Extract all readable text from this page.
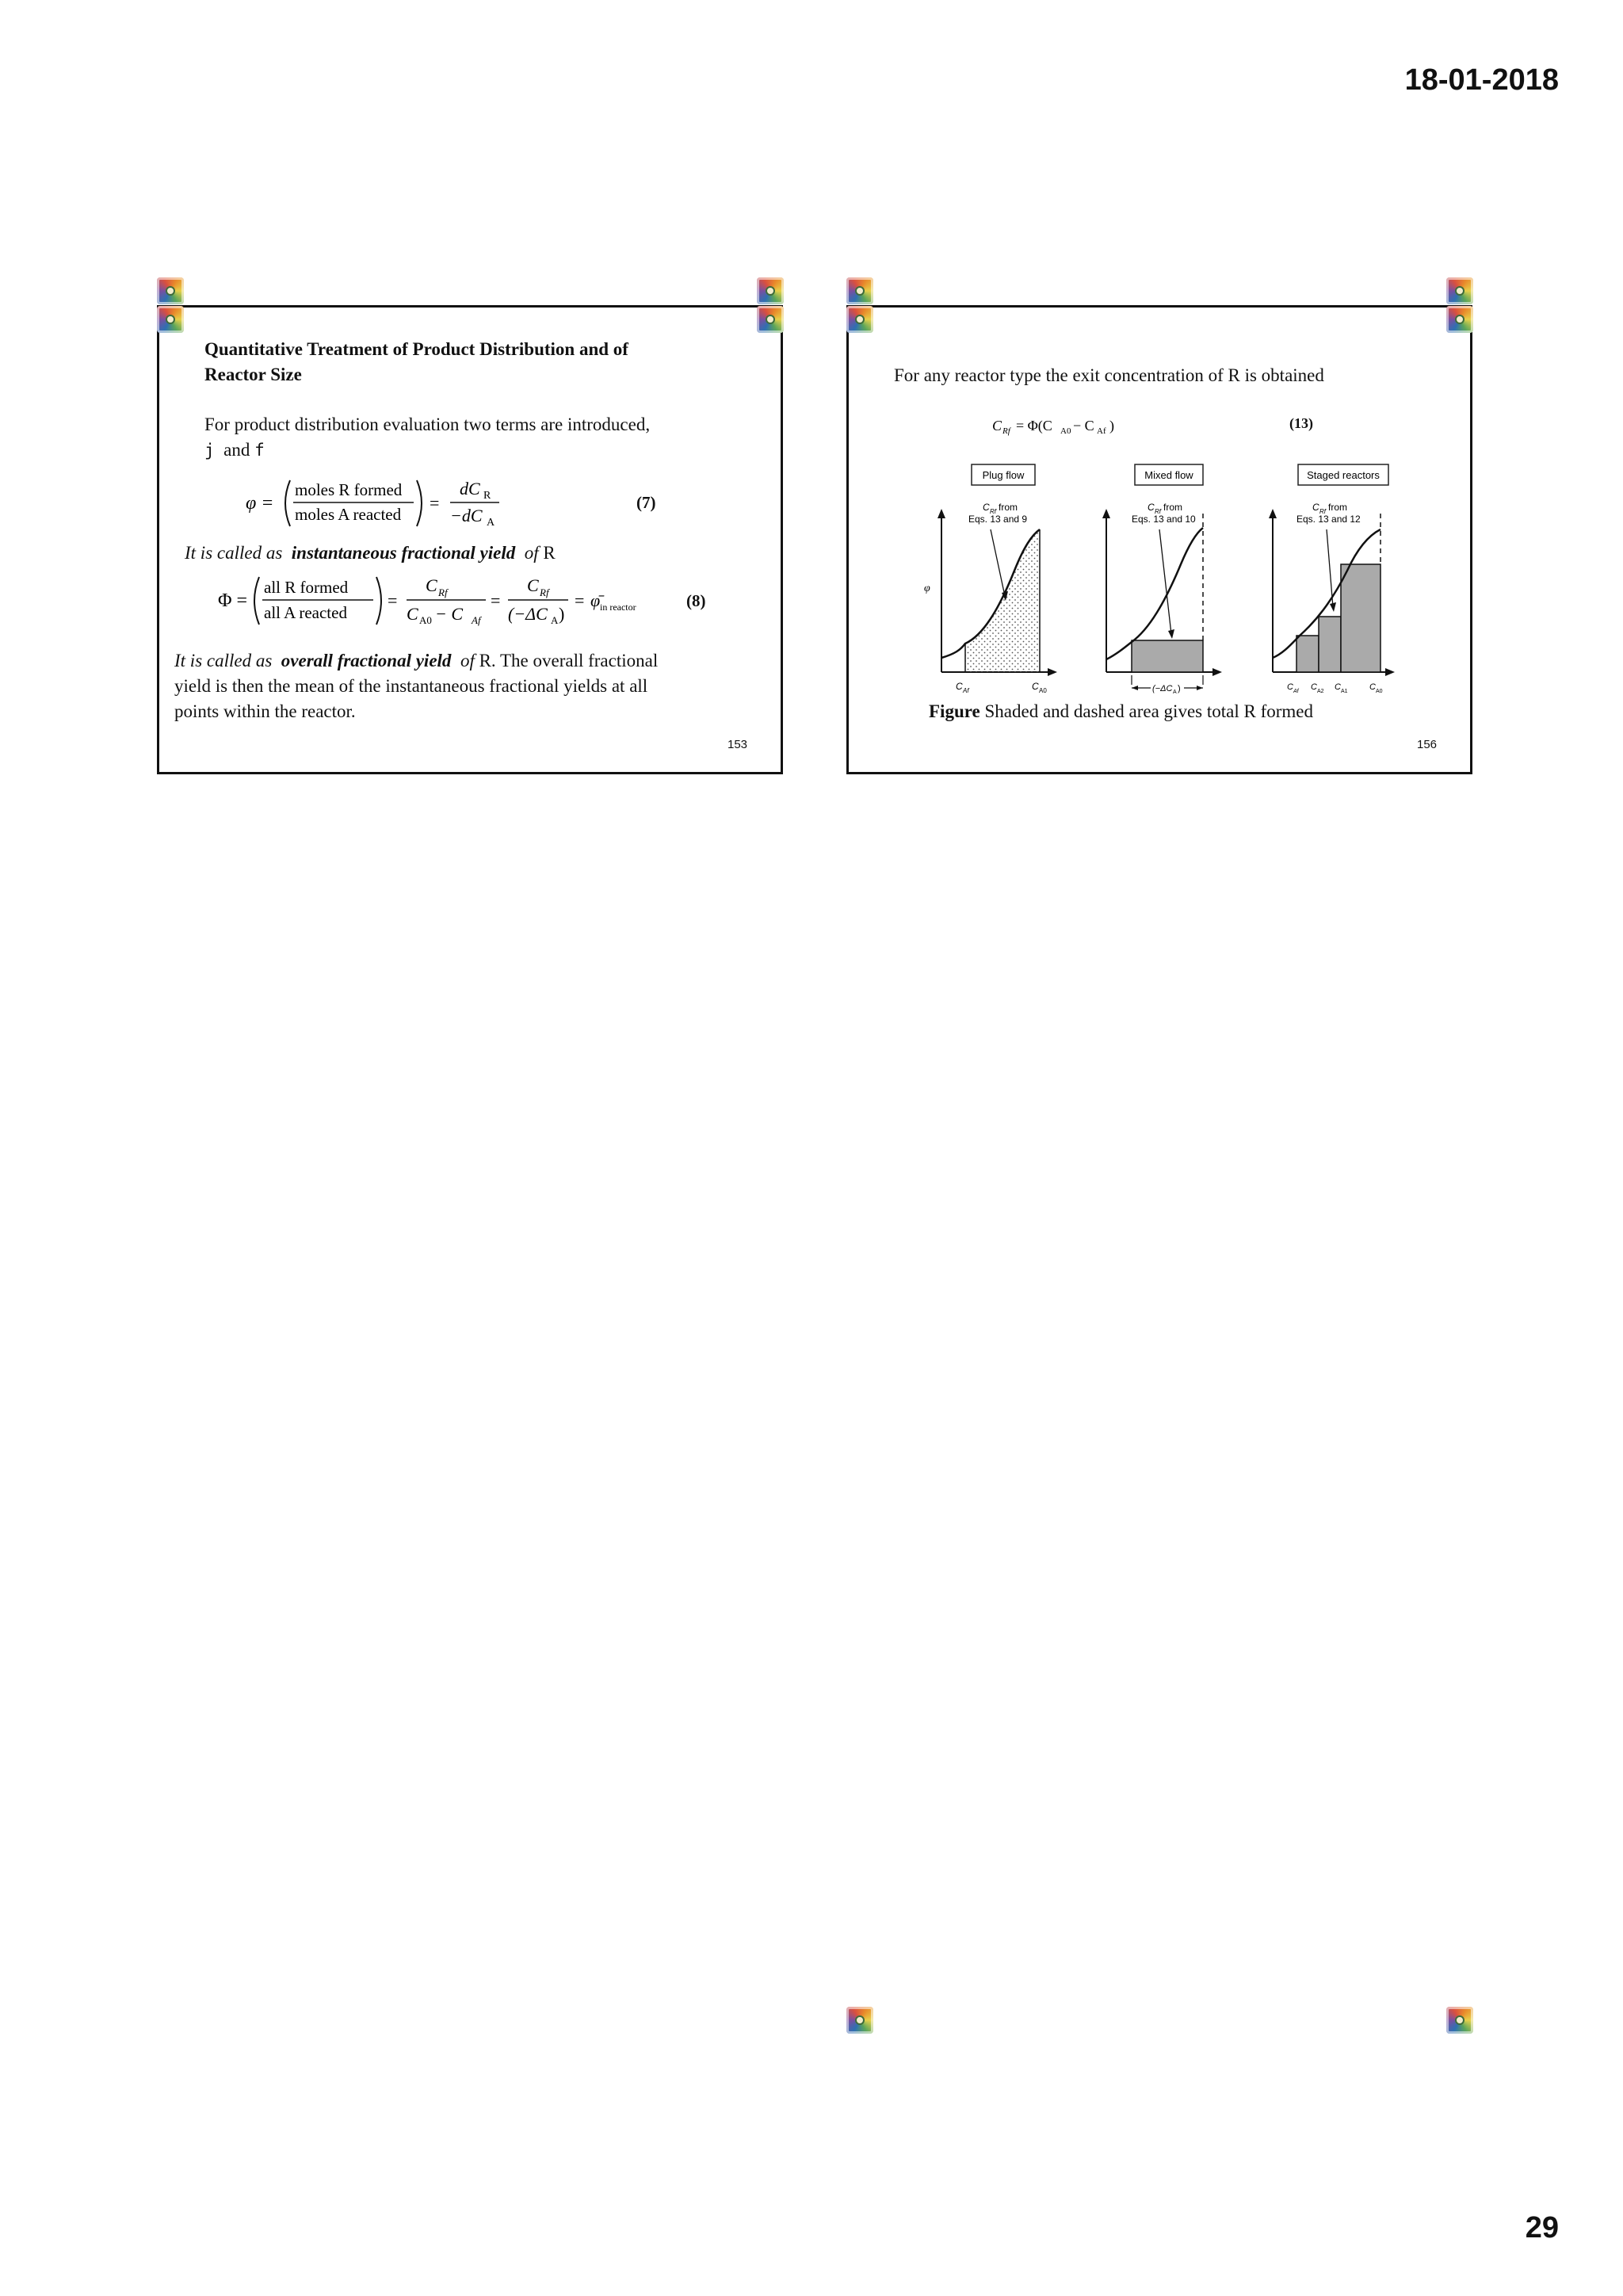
18-01-2018
Quantitative Treatment of Product Distribution and of
Reactor Size
For product distribution evaluation two terms are introduced,
j and f
φ =
moles R formed
moles A reacted
=
dC R
−dC A
(7)
It is called as instantaneous fractional yield of R
Φ =
all R formed
all A reacted
=
C Rf
C A0 − C Af
=
C Rf
(−ΔC A )
= φ̄ in reactor	(8)
It is called as overall fractional yield of R. The overall fractional
yield is then the mean of the instantaneous fractional yields at all
points within the reactor.
153
For any reactor type the exit concentration of R is obtained
C Rf = Φ(C A0 − C Af )	(13)
Plug flow
C Rf from
Eqs. 13 and 9
φ
C Af	C A0
Mixed flow
C Rf from
Eqs. 13 and 10
(−ΔC A )
Staged reactors
C Rf from
Eqs. 13 and 12
C Af C A2 C A1 C A0
Figure Shaded and dashed area gives total R formed
156
29
